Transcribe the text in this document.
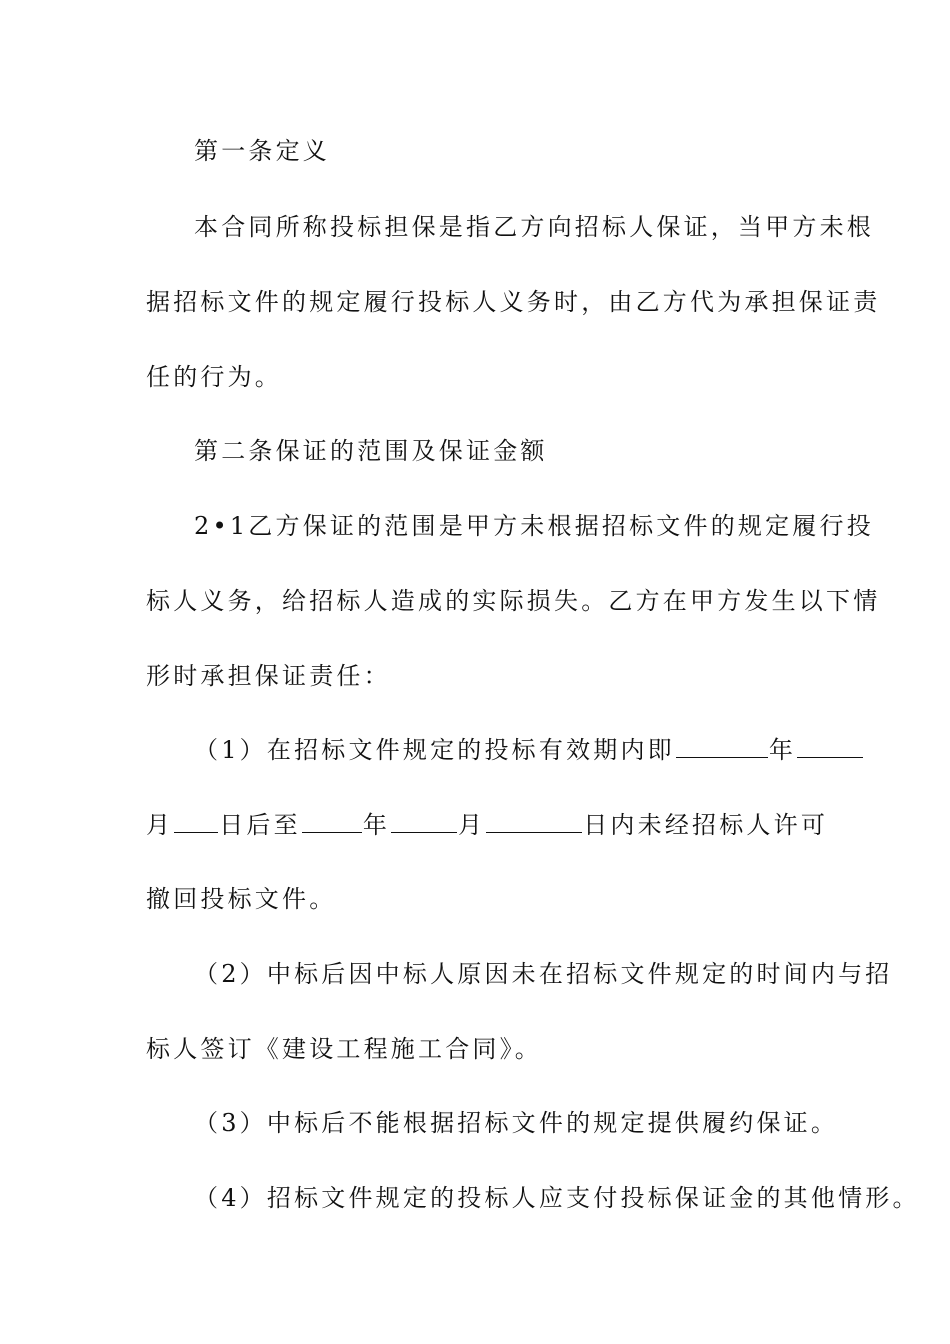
第一条定义
本合同所称投标担保是指乙方向招标人保证，当甲方未根
据招标文件的规定履行投标人义务时，由乙方代为承担保证责
任的行为。
第二条保证的范围及保证金额
2•1乙方保证的范围是甲方未根据招标文件的规定履行投
标人义务，给招标人造成的实际损失。乙方在甲方发生以下情
形时承担保证责任：
（1）在招标文件规定的投标有效期内即	年
月 日后至	年	月	日内未经招标人许可
撤回投标文件。
（2）中标后因中标人原因未在招标文件规定的时间内与招
标人签订《建设工程施工合同》。
（3）中标后不能根据招标文件的规定提供履约保证。
（4）招标文件规定的投标人应支付投标保证金的其他情形。
